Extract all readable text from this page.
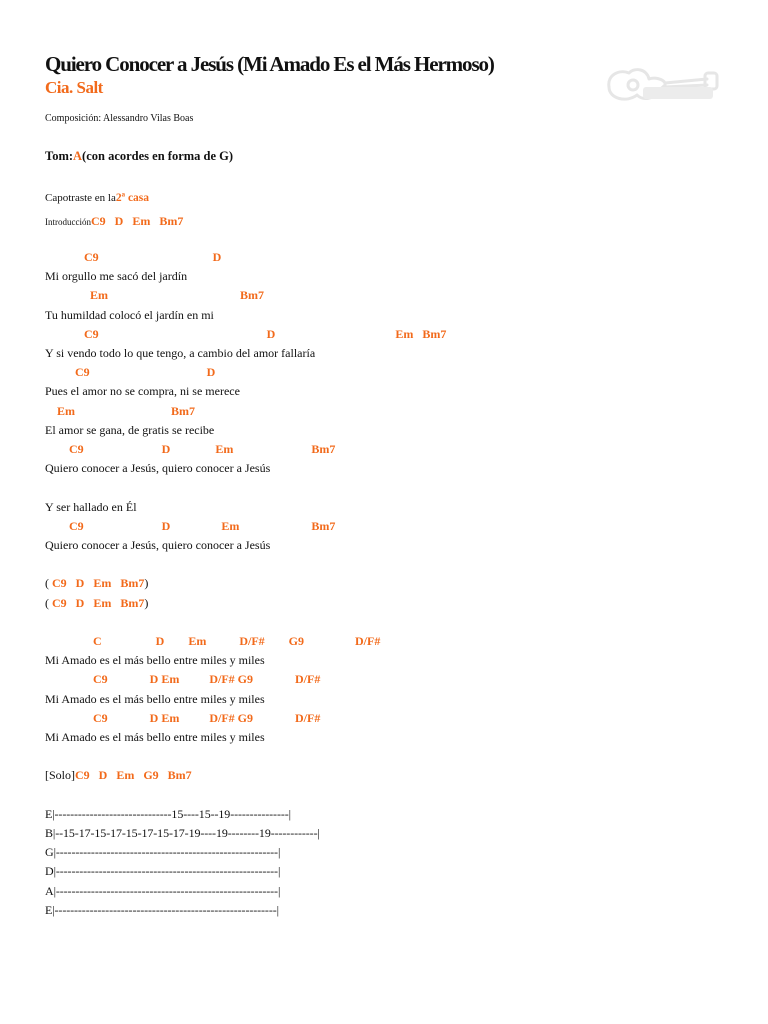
Quiero Conocer a Jesús (Mi Amado Es el Más Hermoso)
Cia. Salt
Composición: Alessandro Vilas Boas
Tom:A(con acordes en forma de G)
Capotraste en la2ª casa
IntroducciónC9   D   Em   Bm7
C9                                      D
Mi orgullo me sacó del jardín
Em                                            Bm7
Tu humildad colocó el jardín en mi
C9                                                        D                                        Em   Bm7
Y si vendo todo lo que tengo, a cambio del amor fallaría
C9                                       D
Pues el amor no se compra, ni se merece
Em                                Bm7
El amor se gana, de gratis se recibe
C9                          D               Em                          Bm7
Quiero conocer a Jesús, quiero conocer a Jesús
Y ser hallado en Él
C9                          D                 Em                        Bm7
Quiero conocer a Jesús, quiero conocer a Jesús
( C9   D   Em   Bm7)
( C9   D   Em   Bm7)
C                  D        Em           D/F#        G9                 D/F#
Mi Amado es el más bello entre miles y miles
C9              D Em          D/F# G9              D/F#
Mi Amado es el más bello entre miles y miles
C9              D Em          D/F# G9              D/F#
Mi Amado es el más bello entre miles y miles
[Solo]C9   D   Em   G9   Bm7
E|------------------------------15----15--19---------------|
B|--15-17-15-17-15-17-15-17-19----19--------19------------|
G|---------------------------------------------------------|
D|---------------------------------------------------------|
A|---------------------------------------------------------|
E|---------------------------------------------------------|
